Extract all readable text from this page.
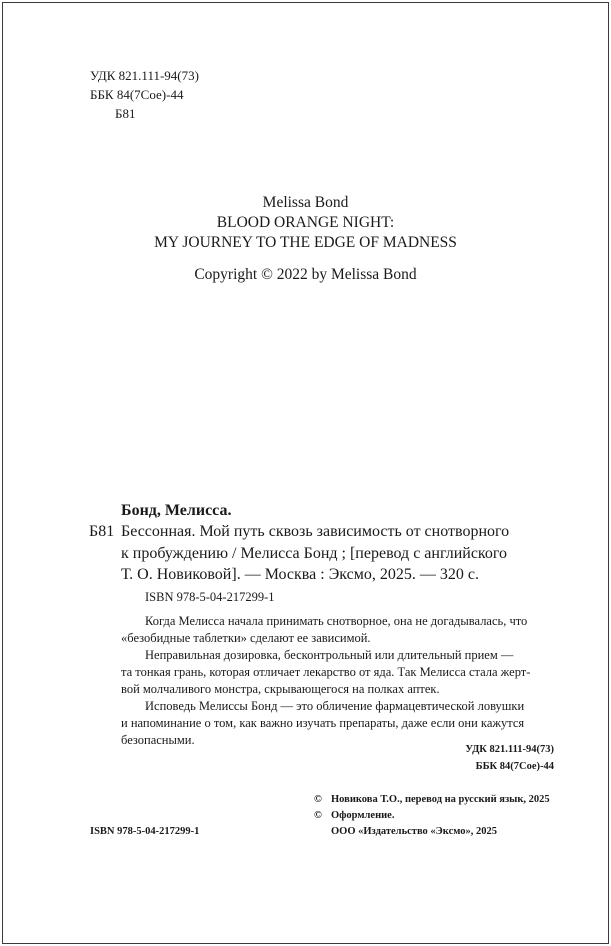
УДК 821.111-94(73)
ББК 84(7Сое)-44
Б81
Melissa Bond
BLOOD ORANGE NIGHT:
MY JOURNEY TO THE EDGE OF MADNESS
Copyright © 2022 by Melissa Bond
Бонд, Мелисса.
Б81 Бессонная. Мой путь сквозь зависимость от снотворного
к пробуждению / Мелисса Бонд ; [перевод с английского
Т. О. Новиковой]. — Москва : Эксмо, 2025. — 320 с.
ISBN 978-5-04-217299-1
Когда Мелисса начала принимать снотворное, она не догадывалась, что
«безобидные таблетки» сделают ее зависимой.
Неправильная дозировка, бесконтрольный или длительный прием —
та тонкая грань, которая отличает лекарство от яда. Так Мелисса стала жерт-
вой молчаливого монстра, скрывающегося на полках аптек.
Исповедь Мелиссы Бонд — это обличение фармацевтической ловушки
и напоминание о том, как важно изучать препараты, даже если они кажутся
безопасными.
УДК 821.111-94(73)
ББК 84(7Сое)-44
© Новикова Т.О., перевод на русский язык, 2025
© Оформление.
ISBN 978-5-04-217299-1	ООО «Издательство «Эксмо», 2025
